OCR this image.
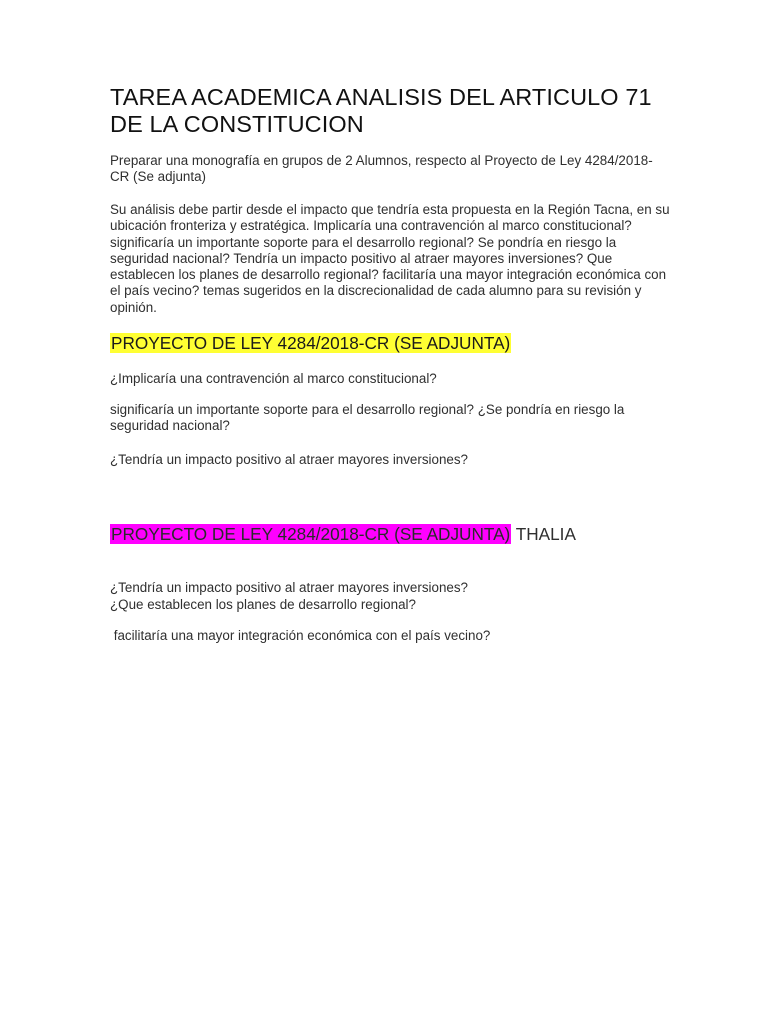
TAREA ACADEMICA ANALISIS DEL ARTICULO 71 DE LA CONSTITUCION

Preparar una monografía en grupos de 2 Alumnos, respecto al Proyecto de Ley 4284/2018-CR (Se adjunta)

Su análisis debe partir desde el impacto que tendría esta propuesta en la Región Tacna, en su ubicación fronteriza y estratégica. Implicaría una contravención al marco constitucional? significaría un importante soporte para el desarrollo regional? Se pondría en riesgo la seguridad nacional? Tendría un impacto positivo al atraer mayores inversiones? Que establecen los planes de desarrollo regional? facilitaría una mayor integración económica con el país vecino? temas sugeridos en la discrecionalidad de cada alumno para su revisión y opinión.

PROYECTO DE LEY 4284/2018-CR (SE ADJUNTA)

¿Implicaría una contravención al marco constitucional?

significaría un importante soporte para el desarrollo regional? ¿Se pondría en riesgo la seguridad nacional?

¿Tendría un impacto positivo al atraer mayores inversiones?

PROYECTO DE LEY 4284/2018-CR (SE ADJUNTA) THALIA

¿Tendría un impacto positivo al atraer mayores inversiones?

¿Que establecen los planes de desarrollo regional?

facilitaría una mayor integración económica con el país vecino?
